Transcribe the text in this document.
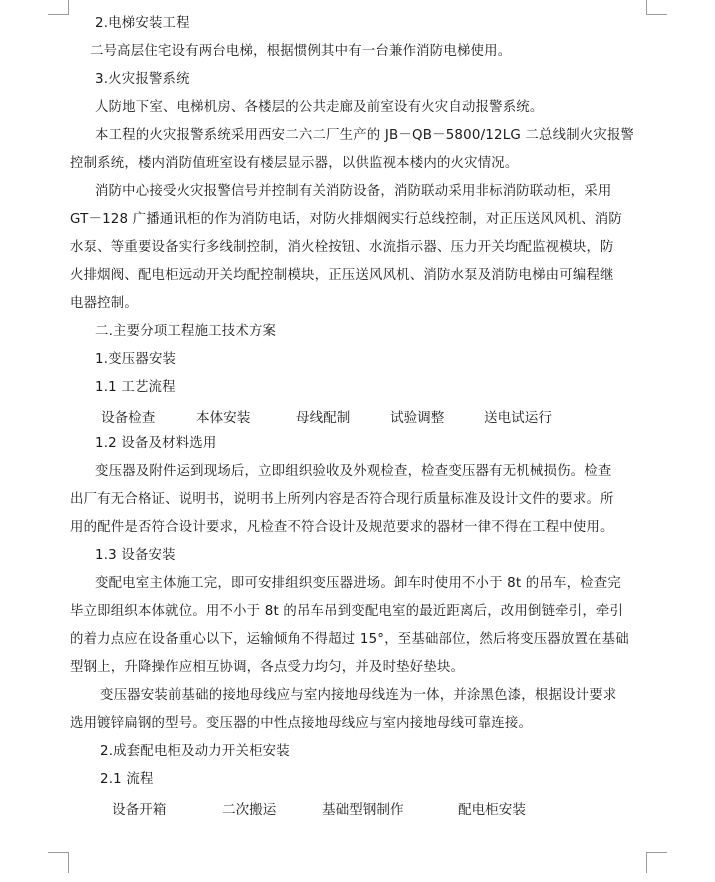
2.电梯安装工程
二号高层住宅设有两台电梯，根据惯例其中有一台兼作消防电梯使用。
3.火灾报警系统
人防地下室、电梯机房、各楼层的公共走廊及前室设有火灾自动报警系统。
本工程的火灾报警系统采用西安二六二厂生产的 JB－QB－5800/12LG 二总线制火灾报警
控制系统，楼内消防值班室设有楼层显示器，以供监视本楼内的火灾情况。
消防中心接受火灾报警信号并控制有关消防设备，消防联动采用非标消防联动柜，采用
GT－128 广播通讯柜的作为消防电话，对防火排烟阀实行总线控制，对正压送风风机、消防
水泵、等重要设备实行多线制控制，消火栓按钮、水流指示器、压力开关均配监视模块，防
火排烟阀、配电柜远动开关均配控制模块，正压送风风机、消防水泵及消防电梯由可编程继
电器控制。
二.主要分项工程施工技术方案
1.变压器安装
1.1 工艺流程
设备检查	本体安装	母线配制	试验调整	送电试运行
1.2 设备及材料选用
变压器及附件运到现场后，立即组织验收及外观检查，检查变压器有无机械损伤。检查
出厂有无合格证、说明书，说明书上所列内容是否符合现行质量标准及设计文件的要求。所
用的配件是否符合设计要求，凡检查不符合设计及规范要求的器材一律不得在工程中使用。
1.3 设备安装
变配电室主体施工完，即可安排组织变压器进场。卸车时使用不小于 8t 的吊车，检查完
毕立即组织本体就位。用不小于 8t 的吊车吊到变配电室的最近距离后，改用倒链牵引，牵引
的着力点应在设备重心以下，运输倾角不得超过 15°，至基础部位，然后将变压器放置在基础
型钢上，升降操作应相互协调，各点受力均匀，并及时垫好垫块。
变压器安装前基础的接地母线应与室内接地母线连为一体，并涂黑色漆，根据设计要求
选用镀锌扁钢的型号。变压器的中性点接地母线应与室内接地母线可靠连接。
2.成套配电柜及动力开关柜安装
2.1 流程
设备开箱	二次搬运	基础型钢制作	配电柜安装
